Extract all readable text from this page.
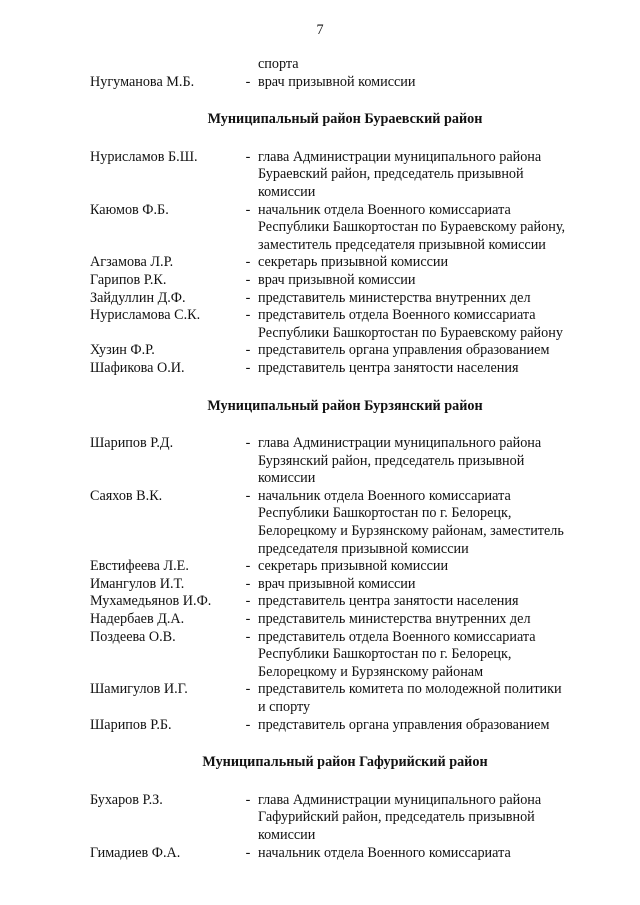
7
спорта
Нугуманова М.Б.	- врач призывной комиссии
Муниципальный район Бураевский район
Нурисламов Б.Ш.	- глава Администрации муниципального района
Бураевский район, председатель призывной
комиссии
Каюмов Ф.Б.	- начальник отдела Военного комиссариата
Республики Башкортостан по Бураевскому району,
заместитель председателя призывной комиссии
Агзамова Л.Р.	- секретарь призывной комиссии
Гарипов Р.К.	- врач призывной комиссии
Зайдуллин Д.Ф.	- представитель министерства внутренних дел
Нурисламова С.К.	- представитель отдела Военного комиссариата
Республики Башкортостан по Бураевскому району
Хузин Ф.Р.	- представитель органа управления образованием
Шафикова О.И.	- представитель центра занятости населения
Муниципальный район Бурзянский район
Шарипов Р.Д.	- глава Администрации муниципального района
Бурзянский район, председатель призывной
комиссии
Саяхов В.К.	- начальник отдела Военного комиссариата
Республики Башкортостан по г. Белорецк,
Белорецкому и Бурзянскому районам, заместитель
председателя призывной комиссии
Евстифеева Л.Е.	- секретарь призывной комиссии
Имангулов И.Т.	- врач призывной комиссии
Мухамедьянов И.Ф.	- представитель центра занятости населения
Надербаев Д.А.	- представитель министерства внутренних дел
Поздеева О.В.	- представитель отдела Военного комиссариата
Республики Башкортостан по г. Белорецк,
Белорецкому и Бурзянскому районам
Шамигулов И.Г.	- представитель комитета по молодежной политики
и спорту
Шарипов Р.Б.	- представитель органа управления образованием
Муниципальный район Гафурийский район
Бухаров Р.З.	- глава Администрации муниципального района
Гафурийский район, председатель призывной
комиссии
Гимадиев Ф.А.	- начальник отдела Военного комиссариата
